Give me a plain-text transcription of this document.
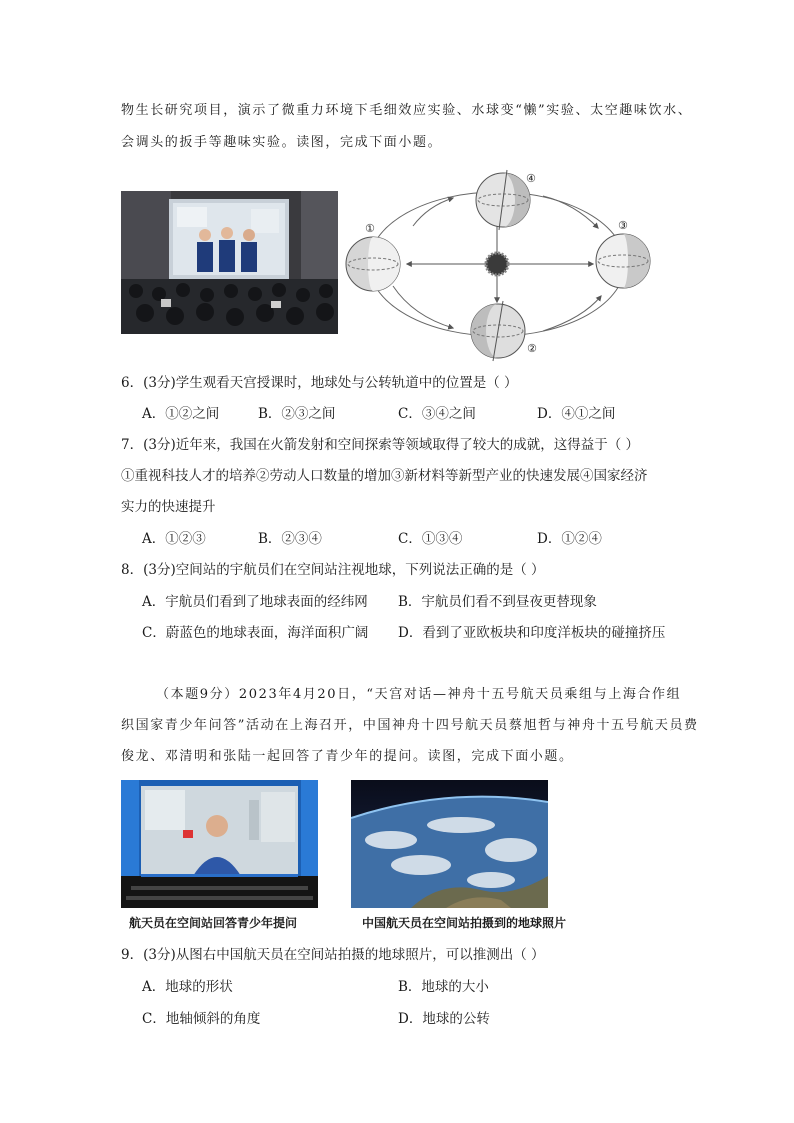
物生长研究项目，演示了微重力环境下毛细效应实验、水球变“懒”实验、太空趣味饮水、
会调头的扳手等趣味实验。读图，完成下面小题。
④
①	③
②
6．(3分)学生观看天宫授课时，地球处与公转轨道中的位置是（ ）
A．①②之间	B．②③之间	C．③④之间	D．④①之间
7．(3分)近年来，我国在火箭发射和空间探索等领域取得了较大的成就，这得益于（ ）
①重视科技人才的培养②劳动人口数量的增加③新材料等新型产业的快速发展④国家经济
实力的快速提升
A．①②③	B．②③④	C．①③④	D．①②④
8．(3分)空间站的宇航员们在空间站注视地球，下列说法正确的是（ ）
A．宇航员们看到了地球表面的经纬网 B．宇航员们看不到昼夜更替现象
C．蔚蓝色的地球表面，海洋面积广阔 D．看到了亚欧板块和印度洋板块的碰撞挤压
（本题9分）2023年4月20日，“天宫对话—神舟十五号航天员乘组与上海合作组
织国家青少年问答”活动在上海召开，中国神舟十四号航天员蔡旭哲与神舟十五号航天员费
俊龙、邓清明和张陆一起回答了青少年的提问。读图，完成下面小题。
航天员在空间站回答青少年提问	中国航天员在空间站拍摄到的地球照片
9．(3分)从图右中国航天员在空间站拍摄的地球照片，可以推测出（ ）
A．地球的形状	B．地球的大小
C．地轴倾斜的角度	D．地球的公转
